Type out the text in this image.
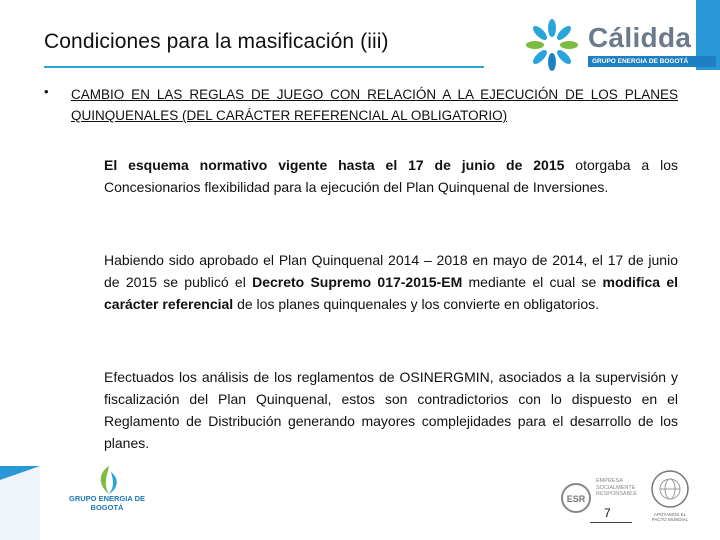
Condiciones para la masificación (iii)	Cálidda
GRUPO ENERGIA DE BOGOTÁ
• CAMBIO EN LAS REGLAS DE JUEGO CON RELACIÓN A LA EJECUCIÓN DE LOS PLANES QUINQUENALES (DEL CARÁCTER REFERENCIAL AL OBLIGATORIO)
El esquema normativo vigente hasta el 17 de junio de 2015 otorgaba a los Concesionarios flexibilidad para la ejecución del Plan Quinquenal de Inversiones.
Habiendo sido aprobado el Plan Quinquenal 2014 – 2018 en mayo de 2014, el 17 de junio de 2015 se publicó el Decreto Supremo 017-2015-EM mediante el cual se modifica el carácter referencial de los planes quinquenales y los convierte en obligatorios.
Efectuados los análisis de los reglamentos de OSINERGMIN, asociados a la supervisión y fiscalización del Plan Quinquenal, estos son contradictorios con lo dispuesto en el Reglamento de Distribución generando mayores complejidades para el desarrollo de los planes.
GRUPO ENERGIA DE BOGOTÁ
ESR
EMPRESA SOCIALMENTE RESPONSABLE
APOYAMOS EL PACTO MUNDIAL
7
